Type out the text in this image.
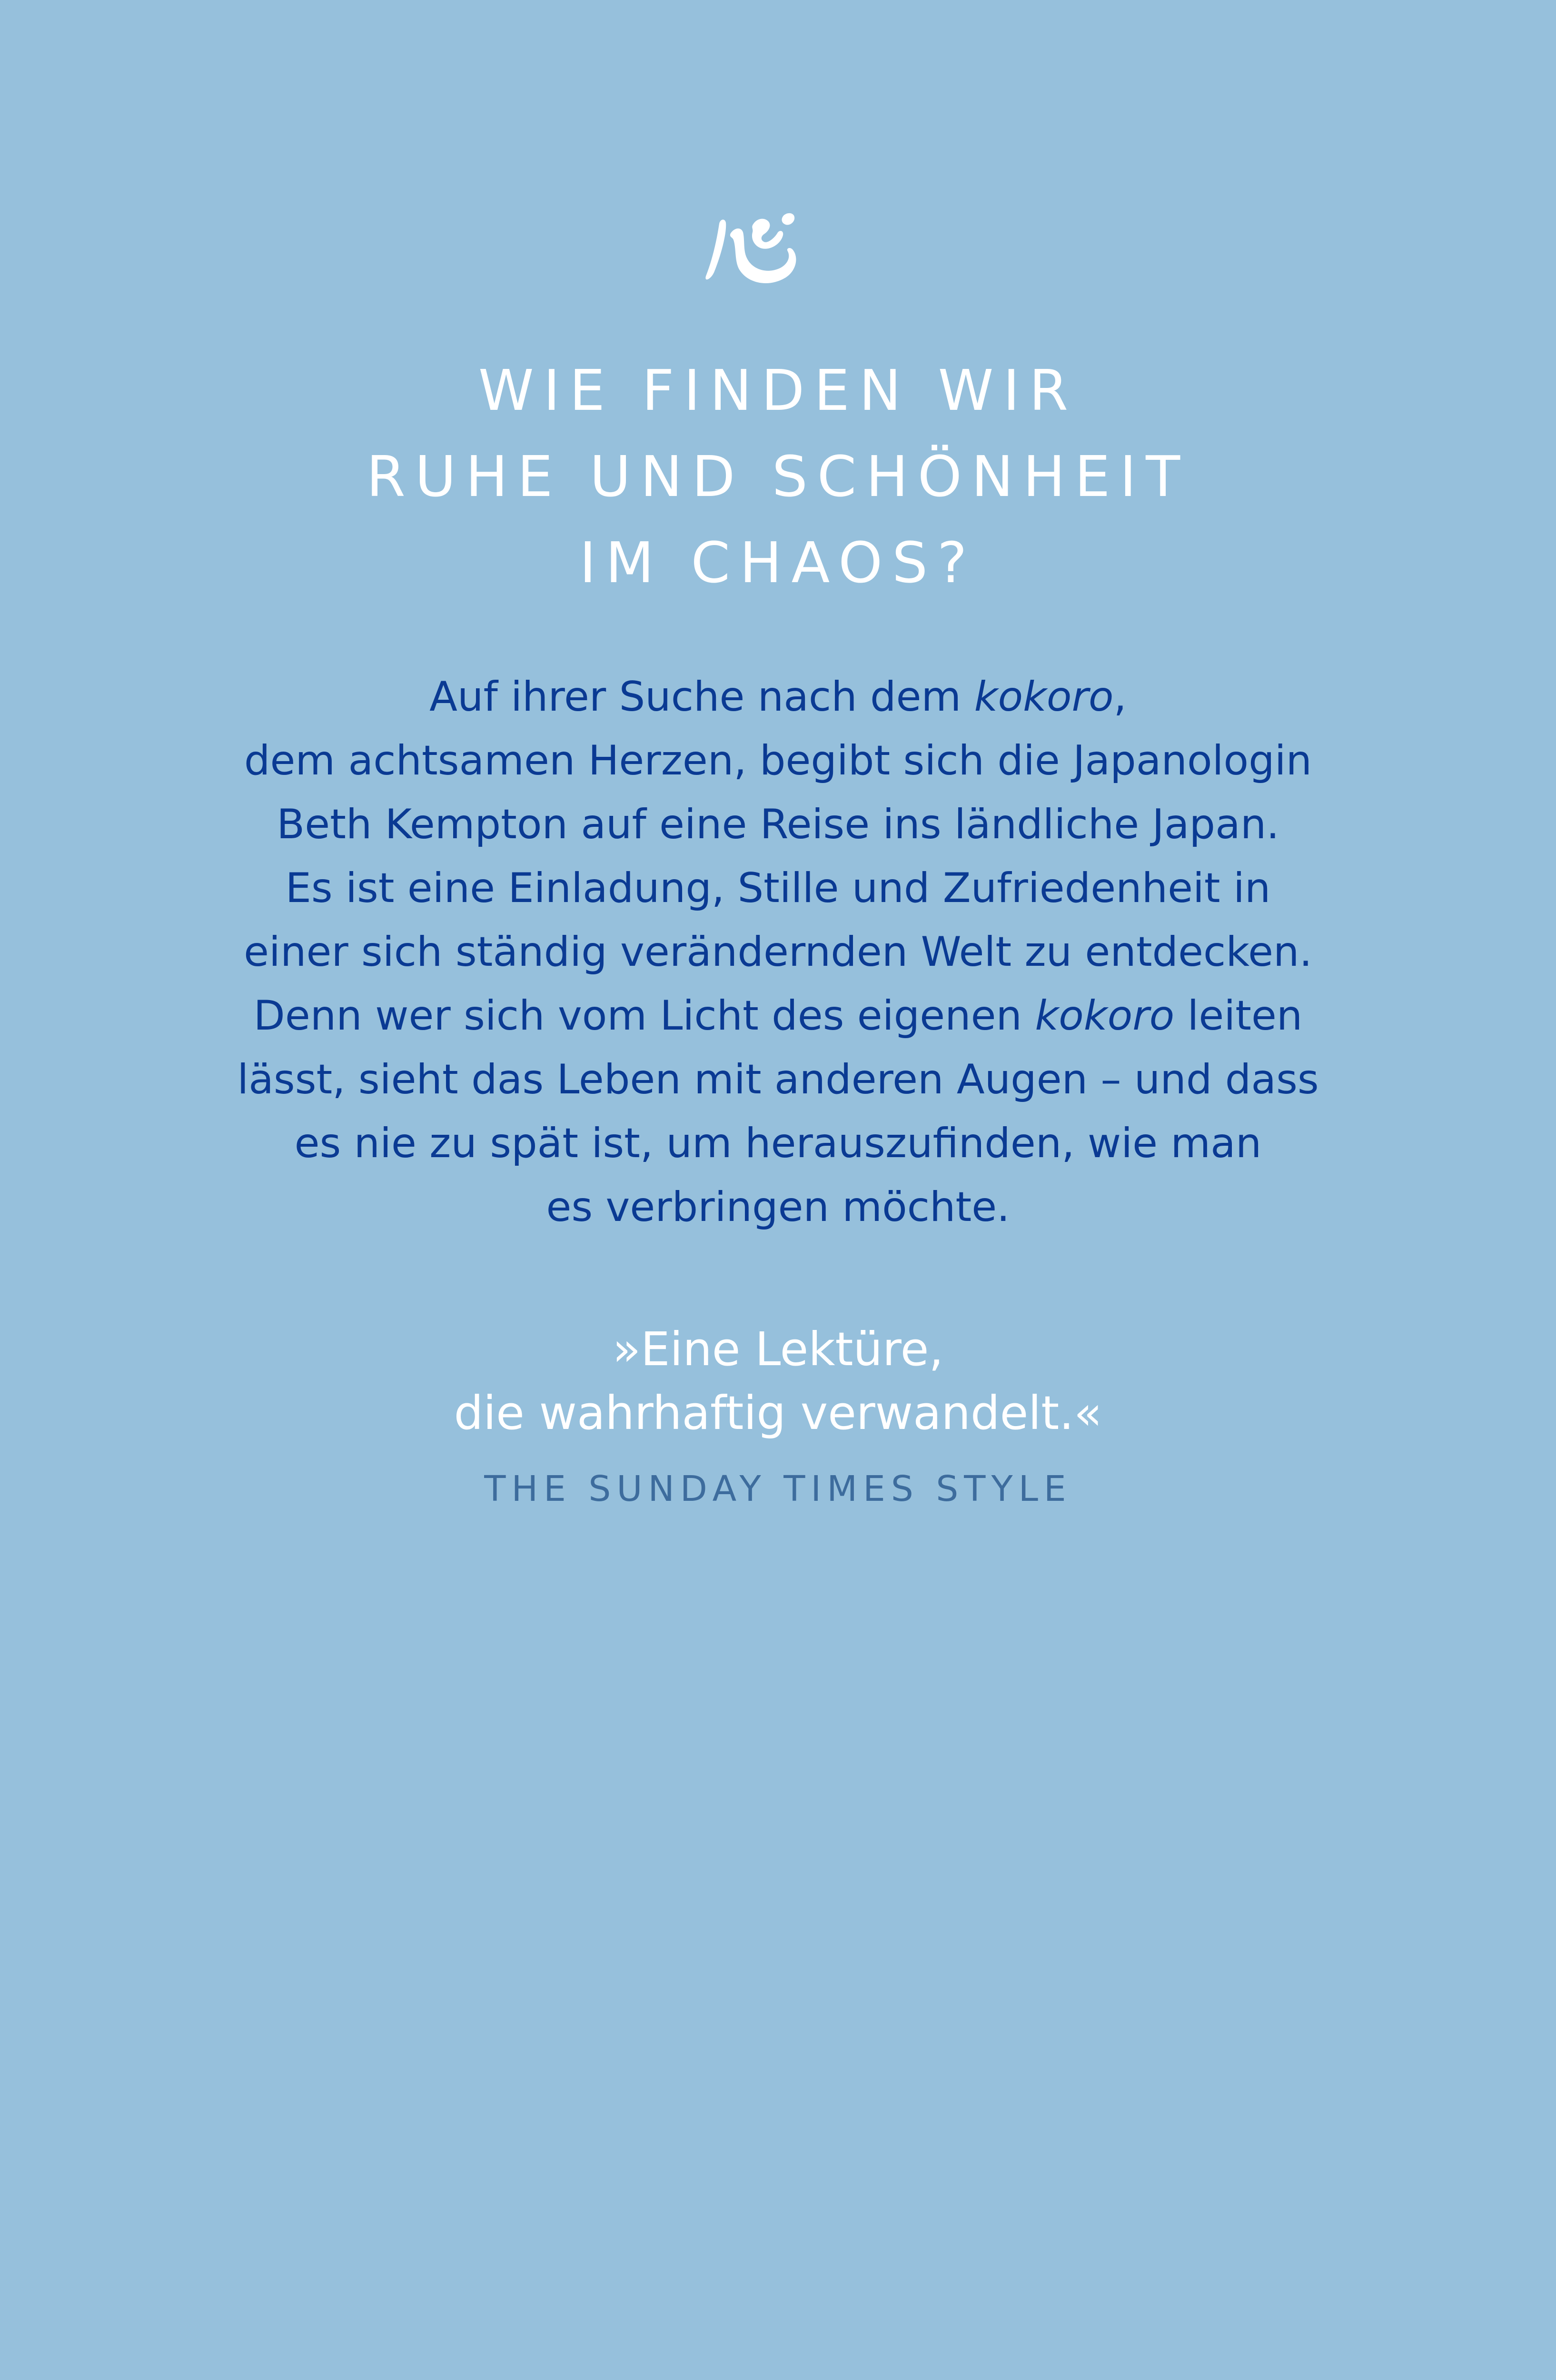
WIE FINDEN WIR
RUHE UND SCHÖNHEIT
IM CHAOS?
Auf ihrer Suche nach dem kokoro,
dem achtsamen Herzen, begibt sich die Japanologin
Beth Kempton auf eine Reise ins ländliche Japan.
Es ist eine Einladung, Stille und Zufriedenheit in
einer sich ständig verändernden Welt zu entdecken.
Denn wer sich vom Licht des eigenen kokoro leiten
lässt, sieht das Leben mit anderen Augen – und dass
es nie zu spät ist, um herauszufinden, wie man
es verbringen möchte.
»Eine Lektüre,
die wahrhaftig verwandelt.«
THE SUNDAY TIMES STYLE
